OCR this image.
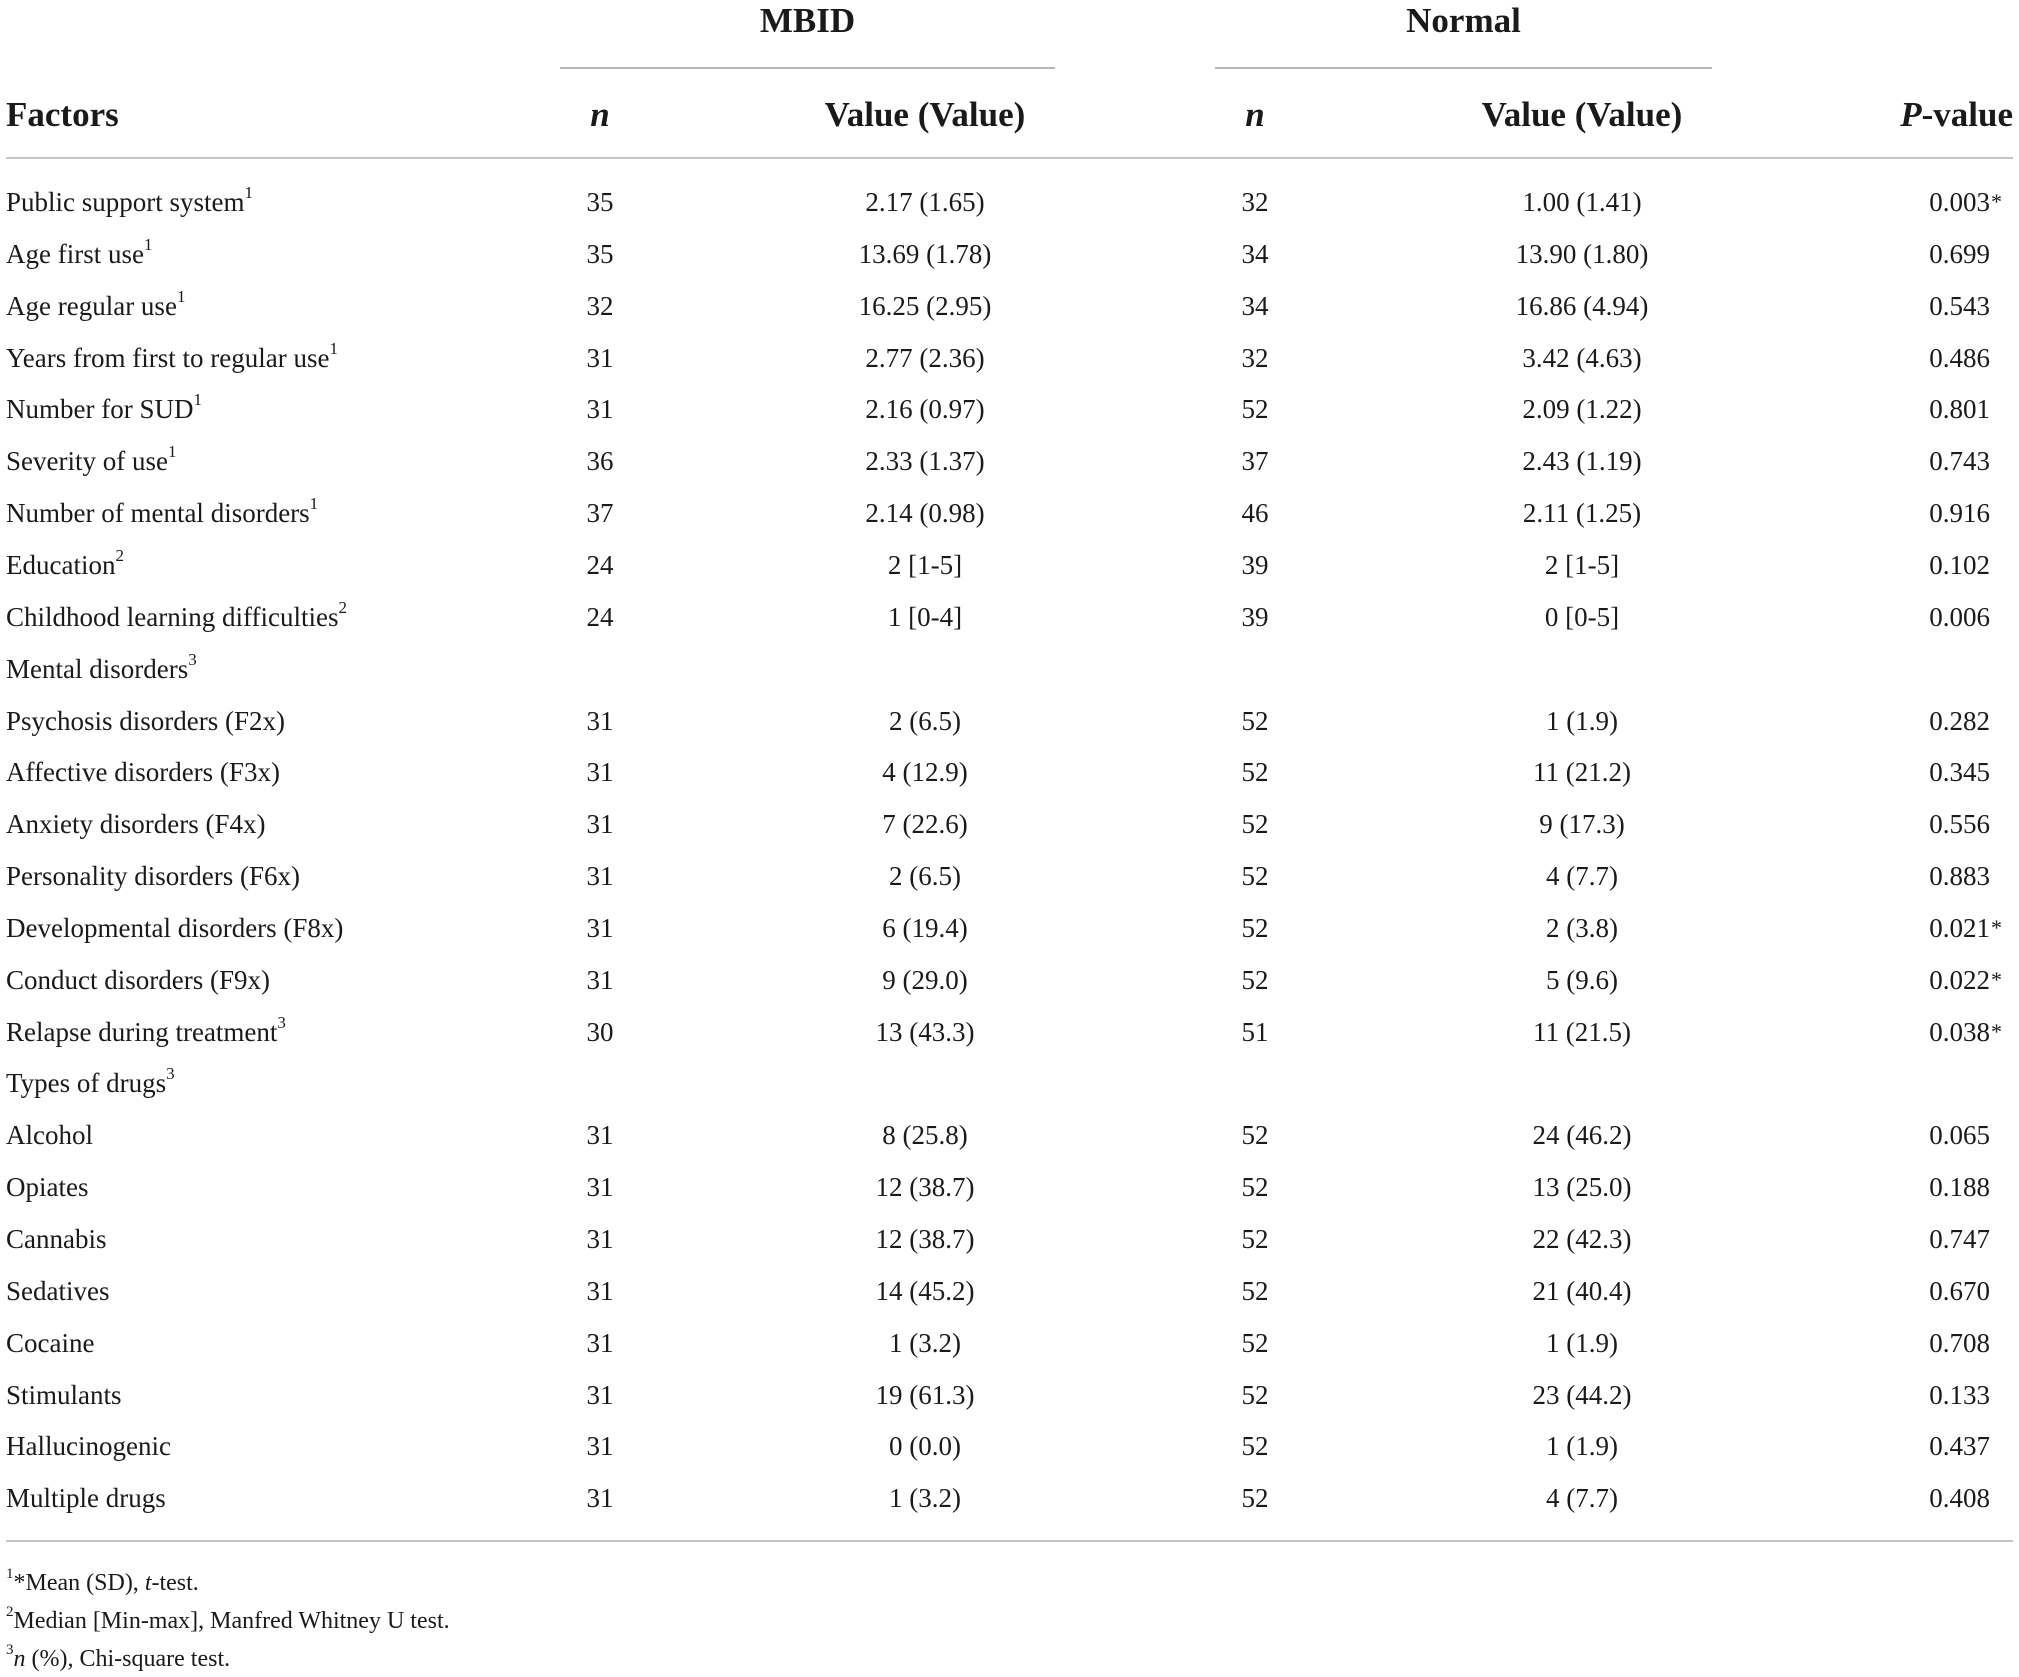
MBID	Normal
Factors	n	Value (Value)	n	Value (Value)	P-value
Public support system$^1$	35	2.17 (1.65)	32	1.00 (1.41)	0.003 *
Age first use$^1$	35	13.69 (1.78)	34	13.90 (1.80)	0.699
Age regular use$^1$	32	16.25 (2.95)	34	16.86 (4.94)	0.543
Years from first to regular use$^1$	31	2.77 (2.36)	32	3.42 (4.63)	0.486
Number for SUD$^1$	31	2.16 (0.97)	52	2.09 (1.22)	0.801
Severity of use$^1$	36	2.33 (1.37)	37	2.43 (1.19)	0.743
Number of mental disorders$^1$	37	2.14 (0.98)	46	2.11 (1.25)	0.916
Education$^2$	24	2 [1-5]	39	2 [1-5]	0.102
Childhood learning difficulties$^2$	24	1 [0-4]	39	0 [0-5]	0.006
Mental disorders$^3$
Psychosis disorders (F2x)	31	2 (6.5)	52	1 (1.9)	0.282
Affective disorders (F3x)	31	4 (12.9)	52	11 (21.2)	0.345
Anxiety disorders (F4x)	31	7 (22.6)	52	9 (17.3)	0.556
Personality disorders (F6x)	31	2 (6.5)	52	4 (7.7)	0.883
Developmental disorders (F8x)	31	6 (19.4)	52	2 (3.8)	0.021 *
Conduct disorders (F9x)	31	9 (29.0)	52	5 (9.6)	0.022 *
Relapse during treatment$^3$	30	13 (43.3)	51	11 (21.5)	0.038 *
Types of drugs$^3$
Alcohol	31	8 (25.8)	52	24 (46.2)	0.065
Opiates	31	12 (38.7)	52	13 (25.0)	0.188
Cannabis	31	12 (38.7)	52	22 (42.3)	0.747
Sedatives	31	14 (45.2)	52	21 (40.4)	0.670
Cocaine	31	1 (3.2)	52	1 (1.9)	0.708
Stimulants	31	19 (61.3)	52	23 (44.2)	0.133
Hallucinogenic	31	0 (0.0)	52	1 (1.9)	0.437
Multiple drugs	31	1 (3.2)	52	4 (7.7)	0.408
$^1$*Mean (SD), t-test.
$^2$Median [Min-max], Manfred Whitney U test.
$^3$n (%), Chi-square test.
